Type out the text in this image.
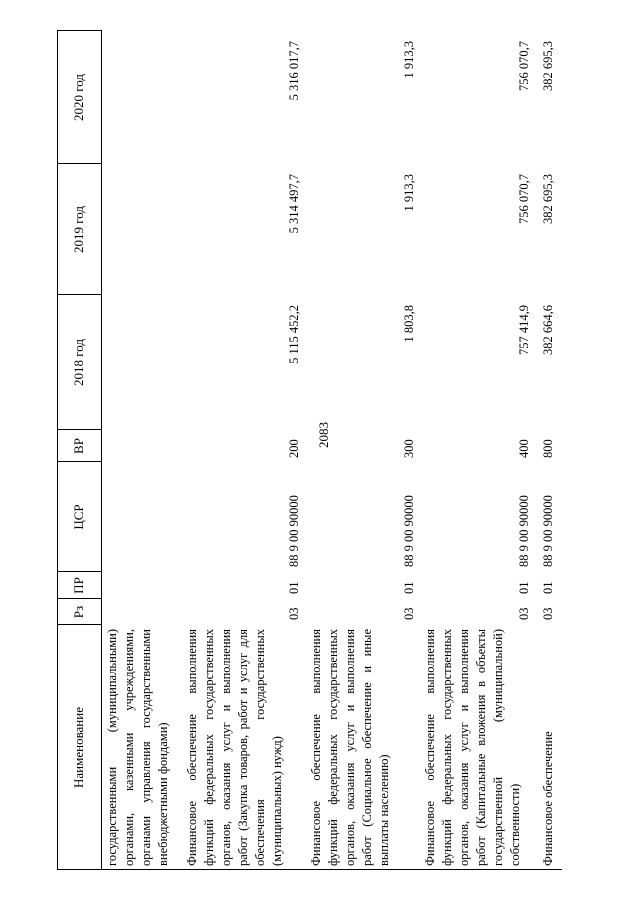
2083
Наименование
Рз
ПР
ЦСР
ВР
2018 год
2019 год
2020 год
государственными (муниципальными) органами, казенными учреждениями, органами управления государственными внебюджетными фондами) Финансовое обеспечение выполнения функций федеральных государственных органов, оказания услуг и выполнения работ (Закупка товаров, работ и услуг для обеспечения государственных (муниципальных) нужд)
03
01
88 9 00 90000
200
5 115 452,2
5 314 497,7
5 316 017,7
Финансовое обеспечение выполнения функций федеральных государственных органов, оказания услуг и выполнения работ (Социальное обеспечение и иные выплаты населению)
03
01
88 9 00 90000
300
1 803,8
1 913,3
1 913,3
Финансовое обеспечение выполнения функций федеральных государственных органов, оказания услуг и выполнения работ (Капитальные вложения в объекты государственной (муниципальной) собственности)
03
01
88 9 00 90000
400
757 414,9
756 070,7
756 070,7
Финансовое обеспечение
03
01
88 9 00 90000
800
382 664,6
382 695,3
382 695,3
